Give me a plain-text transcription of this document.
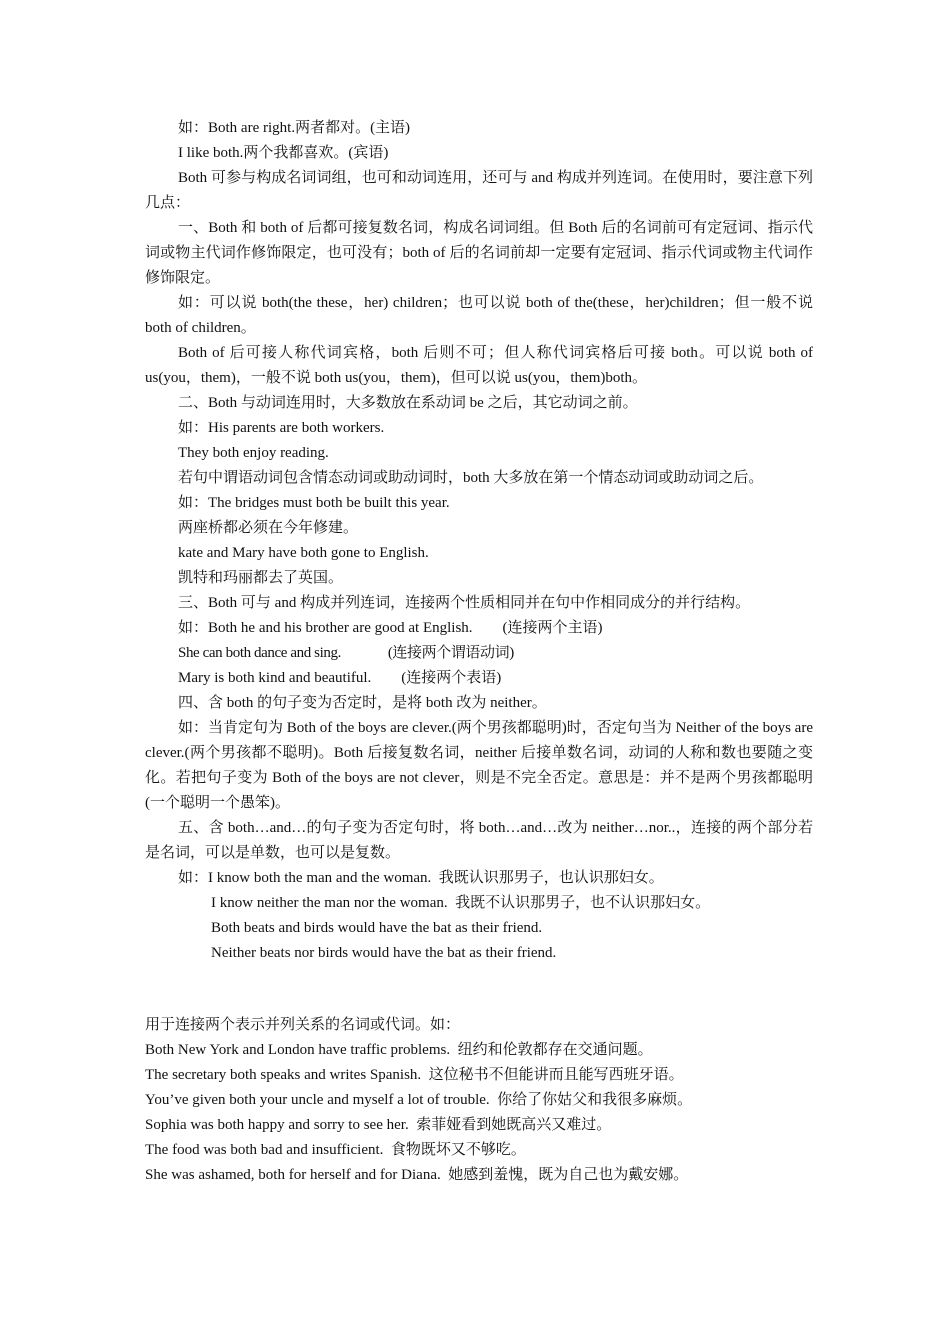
如：Both are right.两者都对。(主语)

I like both.两个我都喜欢。(宾语)

Both 可参与构成名词词组，也可和动词连用，还可与 and 构成并列连词。在使用时，要注意下列几点：

一、Both 和 both of 后都可接复数名词，构成名词词组。但 Both 后的名词前可有定冠词、指示代词或物主代词作修饰限定，也可没有；both of 后的名词前却一定要有定冠词、指示代词或物主代词作修饰限定。

如：可以说 both(the these，her) children；也可以说 both of the(these，her)children；但一般不说 both of children。

Both of 后可接人称代词宾格，both 后则不可；但人称代词宾格后可接 both。可以说 both of us(you，them)，一般不说 both us(you，them)，但可以说 us(you，them)both。

二、Both 与动词连用时，大多数放在系动词 be 之后，其它动词之前。

如：His parents are both workers.

They both enjoy reading.

若句中谓语动词包含情态动词或助动词时，both 大多放在第一个情态动词或助动词之后。

如：The bridges must both be built this year.

两座桥都必须在今年修建。

kate and Mary have both gone to English.

凯特和玛丽都去了英国。

三、Both 可与 and 构成并列连词，连接两个性质相同并在句中作相同成分的并行结构。

如：Both he and his brother are good at English.        (连接两个主语)

She can both dance and sing.              (连接两个谓语动词)

Mary is both kind and beautiful.        (连接两个表语)

四、含 both 的句子变为否定时，是将 both 改为 neither。

如：当肯定句为 Both of the boys are clever.(两个男孩都聪明)时，否定句当为 Neither of the boys are clever.(两个男孩都不聪明)。Both 后接复数名词，neither 后接单数名词，动词的人称和数也要随之变化。若把句子变为 Both of the boys are not clever，则是不完全否定。意思是：并不是两个男孩都聪明(一个聪明一个愚笨)。

五、含 both…and…的句子变为否定句时，将 both…and…改为 neither…nor..，连接的两个部分若是名词，可以是单数，也可以是复数。

如：I know both the man and the woman.  我既认识那男子，也认识那妇女。

I know neither the man nor the woman.  我既不认识那男子，也不认识那妇女。

Both beats and birds would have the bat as their friend.

Neither beats nor birds would have the bat as their friend.

用于连接两个表示并列关系的名词或代词。如：

Both New York and London have traffic problems.  纽约和伦敦都存在交通问题。

The secretary both speaks and writes Spanish.  这位秘书不但能讲而且能写西班牙语。

You’ve given both your uncle and myself a lot of trouble.  你给了你姑父和我很多麻烦。

Sophia was both happy and sorry to see her.  索菲娅看到她既高兴又难过。

The food was both bad and insufficient.  食物既坏又不够吃。

She was ashamed, both for herself and for Diana.  她感到羞愧，既为自己也为戴安娜。
